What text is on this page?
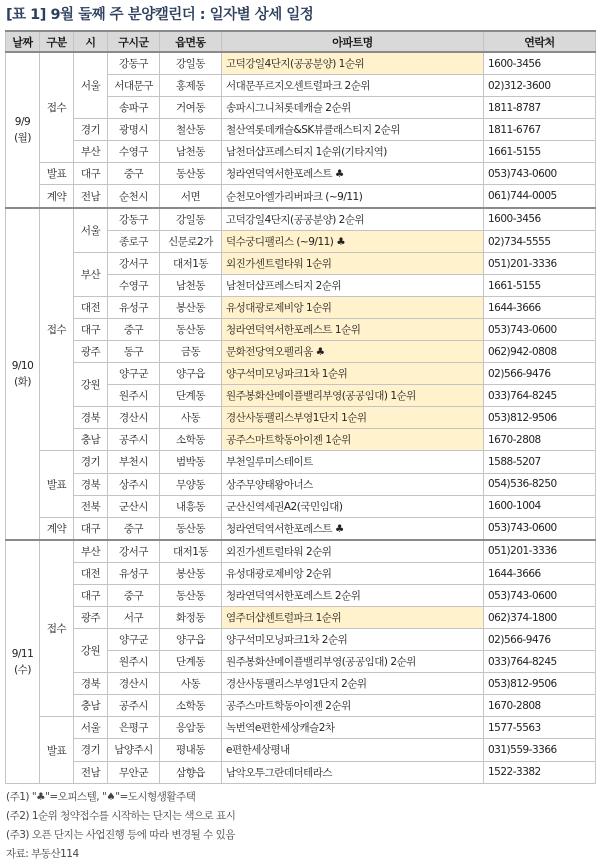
[표 1] 9월 둘째 주 분양캘린더 : 일자별 상세 일정
날짜	구분	시	구시군	읍면동	아파트명	연락처
9/9
(월)	접수	서울	강동구	강일동	고덕강일4단지(공공분양) 1순위	1600-3456
			서대문구	홍제동	서대문푸르지오센트럴파크 2순위	02)312-3600
			송파구	거여동	송파시그니처롯데캐슬 2순위	1811-8787
		경기	광명시	철산동	철산역롯데캐슬&SK뷰클래스티지 2순위	1811-6767
		부산	수영구	남천동	남천더샵프레스티지 1순위(기타지역)	1661-5155
	발표	대구	중구	동산동	청라연덕역서한포레스트 ♣	053)743-0600
	계약	전남	순천시	서면	순천모아엘가리버파크 (~9/11)	061)744-0005
9/10
(화)	접수	서울	강동구	강일동	고덕강일4단지(공공분양) 2순위	1600-3456
			종로구	신문로2가	덕수궁디팰리스 (~9/11) ♣	02)734-5555
		부산	강서구	대저1동	외진가센트럴타워 1순위	051)201-3336
			수영구	남천동	남천더샵프레스티지 2순위	1661-5155
		대전	유성구	봉산동	유성대광로제비앙 1순위	1644-3666
		대구	중구	동산동	청라연덕역서한포레스트 1순위	053)743-0600
		광주	동구	금동	문화전당역오펠리움 ♣	062)942-0808
		강원	양구군	양구읍	양구석미모닝파크1차 1순위	02)566-9476
			원주시	단계동	원주봉화산메이플밸리부영(공공임대) 1순위	033)764-8245
		경북	경산시	사동	경산사동팰리스부영1단지 1순위	053)812-9506
		충남	공주시	소학동	공주스마트학동아이젠 1순위	1670-2808
	발표	경기	부천시	범박동	부천일루미스테이트	1588-5207
		경북	상주시	무양동	상주무양태왕아너스	054)536-8250
		전북	군산시	내흥동	군산신역세권A2(국민임대)	1600-1004
	계약	대구	중구	동산동	청라연덕역서한포레스트 ♣	053)743-0600
9/11
(수)	접수	부산	강서구	대저1동	외진가센트럴타워 2순위	051)201-3336
		대전	유성구	봉산동	유성대광로제비앙 2순위	1644-3666
		대구	중구	동산동	청라연덕역서한포레스트 2순위	053)743-0600
		광주	서구	화정동	염주더샵센트럴파크 1순위	062)374-1800
		강원	양구군	양구읍	양구석미모닝파크1차 2순위	02)566-9476
			원주시	단계동	원주봉화산메이플밸리부영(공공임대) 2순위	033)764-8245
		경북	경산시	사동	경산사동팰리스부영1단지 2순위	053)812-9506
		충남	공주시	소학동	공주스마트학동아이젠 2순위	1670-2808
	발표	서울	은평구	응암동	녹번역e편한세상캐슬2차	1577-5563
		경기	남양주시	평내동	e편한세상평내	031)559-3366
		전남	무안군	삼향읍	남악오투그란데더테라스	1522-3382
(주1) "♣"=오피스텔, "♠"=도시형생활주택
(주2) 1순위 청약접수를 시작하는 단지는 색으로 표시
(주3) 오픈 단지는 사업진행 등에 따라 변경될 수 있음
자료: 부동산114
